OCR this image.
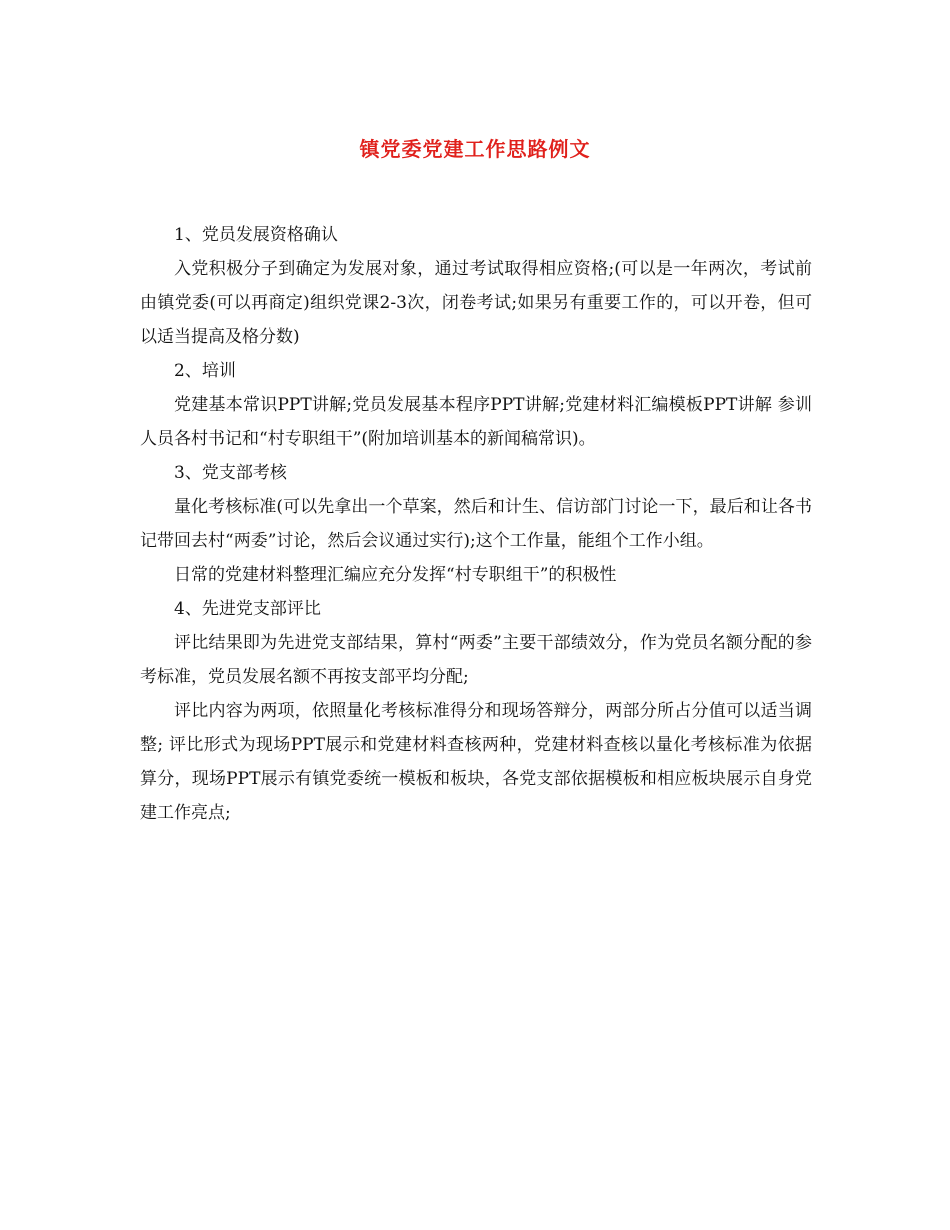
镇党委党建工作思路例文

1、党员发展资格确认

入党积极分子到确定为发展对象，通过考试取得相应资格;(可以是一年两次，考试前由镇党委(可以再商定)组织党课2-3次，闭卷考试;如果另有重要工作的，可以开卷，但可以适当提高及格分数)

2、培训

党建基本常识PPT讲解;党员发展基本程序PPT讲解;党建材料汇编模板PPT讲解 参训人员各村书记和“村专职组干”(附加培训基本的新闻稿常识)。

3、党支部考核

量化考核标准(可以先拿出一个草案，然后和计生、信访部门讨论一下，最后和让各书记带回去村“两委”讨论，然后会议通过实行);这个工作量，能组个工作小组。

日常的党建材料整理汇编应充分发挥“村专职组干”的积极性

4、先进党支部评比

评比结果即为先进党支部结果，算村“两委”主要干部绩效分，作为党员名额分配的参考标准，党员发展名额不再按支部平均分配;

评比内容为两项，依照量化考核标准得分和现场答辩分，两部分所占分值可以适当调整; 评比形式为现场PPT展示和党建材料查核两种，党建材料查核以量化考核标准为依据算分，现场PPT展示有镇党委统一模板和板块，各党支部依据模板和相应板块展示自身党建工作亮点;
